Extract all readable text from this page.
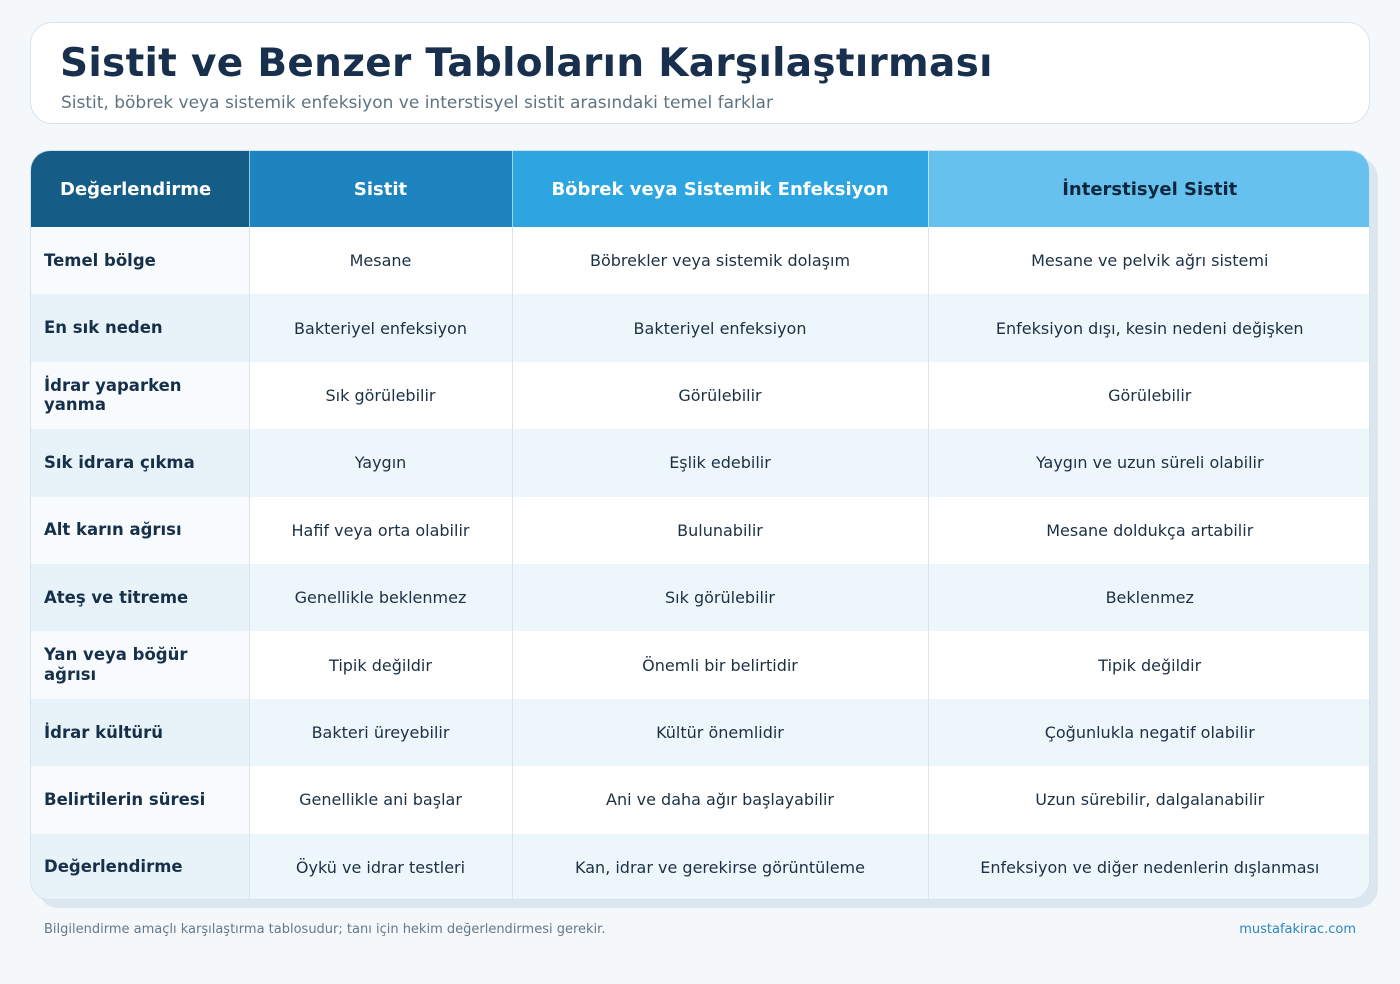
Sistit ve Benzer Tabloların Karşılaştırması
Sistit, böbrek veya sistemik enfeksiyon ve interstisyel sistit arasındaki temel farklar
Değerlendirme	Sistit	Böbrek veya Sistemik Enfeksiyon	İnterstisyel Sistit
Temel bölge	Mesane	Böbrekler veya sistemik dolaşım	Mesane ve pelvik ağrı sistemi
En sık neden	Bakteriyel enfeksiyon	Bakteriyel enfeksiyon	Enfeksiyon dışı, kesin nedeni değişken
İdrar yaparken yanma	Sık görülebilir	Görülebilir	Görülebilir
Sık idrara çıkma	Yaygın	Eşlik edebilir	Yaygın ve uzun süreli olabilir
Alt karın ağrısı	Hafif veya orta olabilir	Bulunabilir	Mesane doldukça artabilir
Ateş ve titreme	Genellikle beklenmez	Sık görülebilir	Beklenmez
Yan veya böğür ağrısı	Tipik değildir	Önemli bir belirtidir	Tipik değildir
İdrar kültürü	Bakteri üreyebilir	Kültür önemlidir	Çoğunlukla negatif olabilir
Belirtilerin süresi	Genellikle ani başlar	Ani ve daha ağır başlayabilir	Uzun sürebilir, dalgalanabilir
Değerlendirme	Öykü ve idrar testleri	Kan, idrar ve gerekirse görüntüleme	Enfeksiyon ve diğer nedenlerin dışlanması
Bilgilendirme amaçlı karşılaştırma tablosudur; tanı için hekim değerlendirmesi gerekir.	mustafakirac.com
